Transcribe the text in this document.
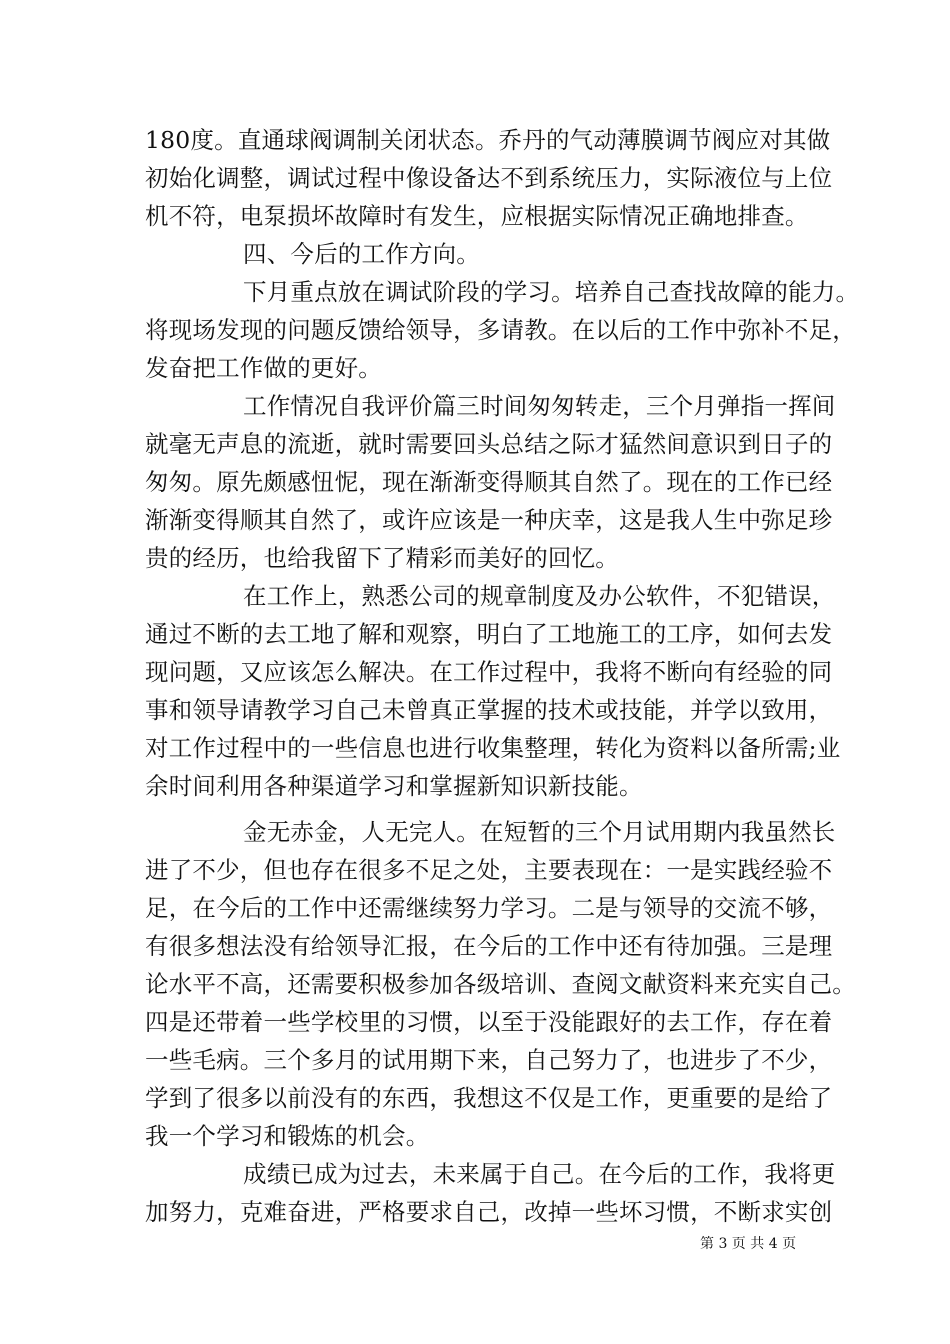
180度。直通球阀调制关闭状态。乔丹的气动薄膜调节阀应对其做
初始化调整，调试过程中像设备达不到系统压力，实际液位与上位
机不符，电泵损坏故障时有发生，应根据实际情况正确地排查。
四、今后的工作方向。
下月重点放在调试阶段的学习。培养自己查找故障的能力。
将现场发现的问题反馈给领导，多请教。在以后的工作中弥补不足，
发奋把工作做的更好。
工作情况自我评价篇三时间匆匆转走，三个月弹指一挥间
就毫无声息的流逝，就时需要回头总结之际才猛然间意识到日子的
匆匆。原先颇感忸怩，现在渐渐变得顺其自然了。现在的工作已经
渐渐变得顺其自然了，或许应该是一种庆幸，这是我人生中弥足珍
贵的经历，也给我留下了精彩而美好的回忆。
在工作上，熟悉公司的规章制度及办公软件，不犯错误，
通过不断的去工地了解和观察，明白了工地施工的工序，如何去发
现问题，又应该怎么解决。在工作过程中，我将不断向有经验的同
事和领导请教学习自己未曾真正掌握的技术或技能，并学以致用，
对工作过程中的一些信息也进行收集整理，转化为资料以备所需;业
余时间利用各种渠道学习和掌握新知识新技能。
金无赤金，人无完人。在短暂的三个月试用期内我虽然长
进了不少，但也存在很多不足之处，主要表现在：一是实践经验不
足，在今后的工作中还需继续努力学习。二是与领导的交流不够，
有很多想法没有给领导汇报，在今后的工作中还有待加强。三是理
论水平不高，还需要积极参加各级培训、查阅文献资料来充实自己。
四是还带着一些学校里的习惯，以至于没能跟好的去工作，存在着
一些毛病。三个多月的试用期下来，自己努力了，也进步了不少，
学到了很多以前没有的东西，我想这不仅是工作，更重要的是给了
我一个学习和锻炼的机会。
成绩已成为过去，未来属于自己。在今后的工作，我将更
加努力，克难奋进，严格要求自己，改掉一些坏习惯，不断求实创
第 3 页 共 4 页
